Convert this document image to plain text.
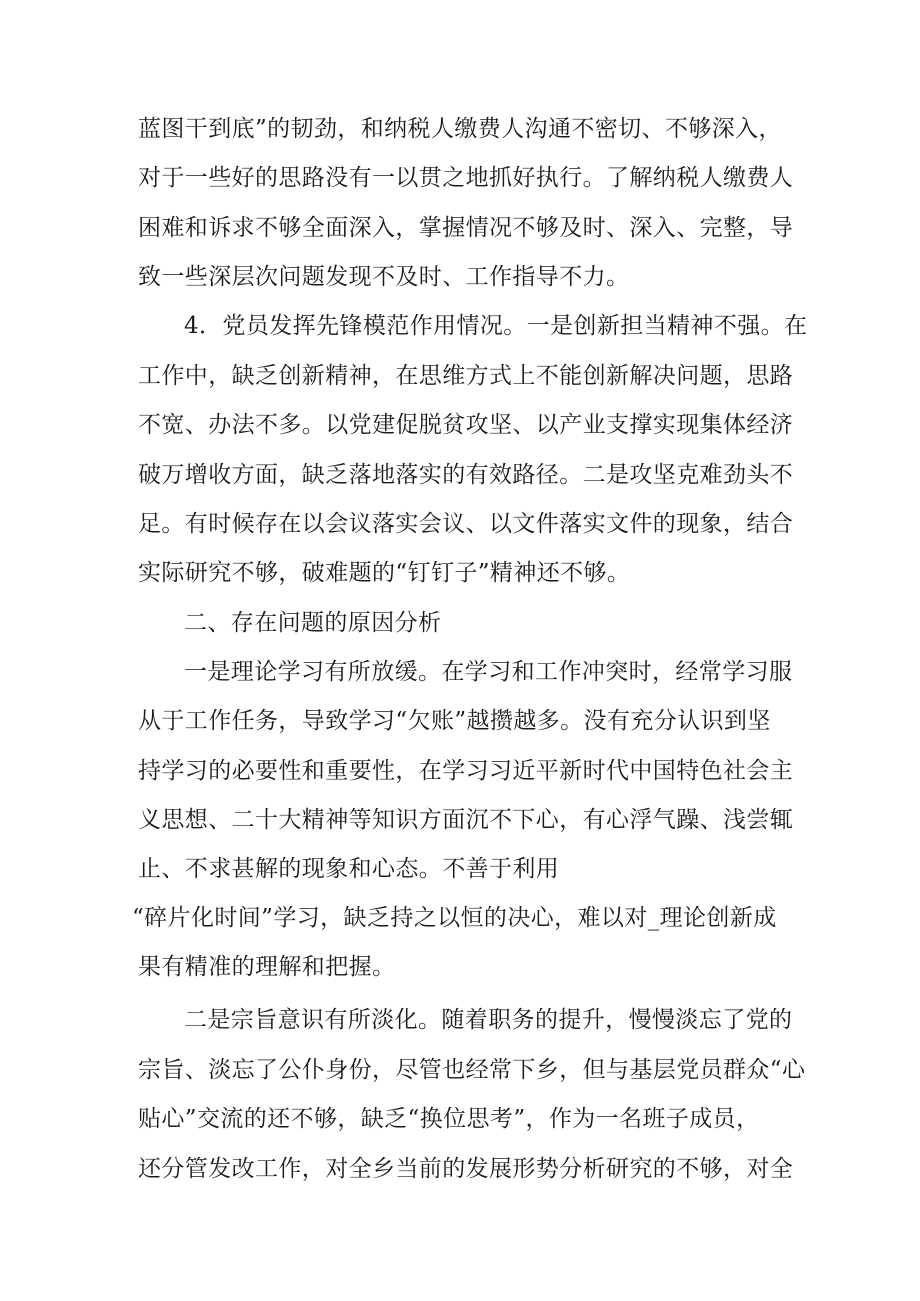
蓝图干到底”的韧劲，和纳税人缴费人沟通不密切、不够深入，
对于一些好的思路没有一以贯之地抓好执行。了解纳税人缴费人
困难和诉求不够全面深入，掌握情况不够及时、深入、完整，导
致一些深层次问题发现不及时、工作指导不力。
4．党员发挥先锋模范作用情况。一是创新担当精神不强。在
工作中，缺乏创新精神，在思维方式上不能创新解决问题，思路
不宽、办法不多。以党建促脱贫攻坚、以产业支撑实现集体经济
破万增收方面，缺乏落地落实的有效路径。二是攻坚克难劲头不
足。有时候存在以会议落实会议、以文件落实文件的现象，结合
实际研究不够，破难题的“钉钉子”精神还不够。
二、存在问题的原因分析
一是理论学习有所放缓。在学习和工作冲突时，经常学习服
从于工作任务，导致学习“欠账”越攒越多。没有充分认识到坚
持学习的必要性和重要性，在学习习近平新时代中国特色社会主
义思想、二十大精神等知识方面沉不下心，有心浮气躁、浅尝辄
止、不求甚解的现象和心态。不善于利用
“碎片化时间”学习，缺乏持之以恒的决心，难以对_理论创新成
果有精准的理解和把握。
二是宗旨意识有所淡化。随着职务的提升，慢慢淡忘了党的
宗旨、淡忘了公仆身份，尽管也经常下乡，但与基层党员群众“心
贴心”交流的还不够，缺乏“换位思考”，作为一名班子成员，
还分管发改工作，对全乡当前的发展形势分析研究的不够，对全
